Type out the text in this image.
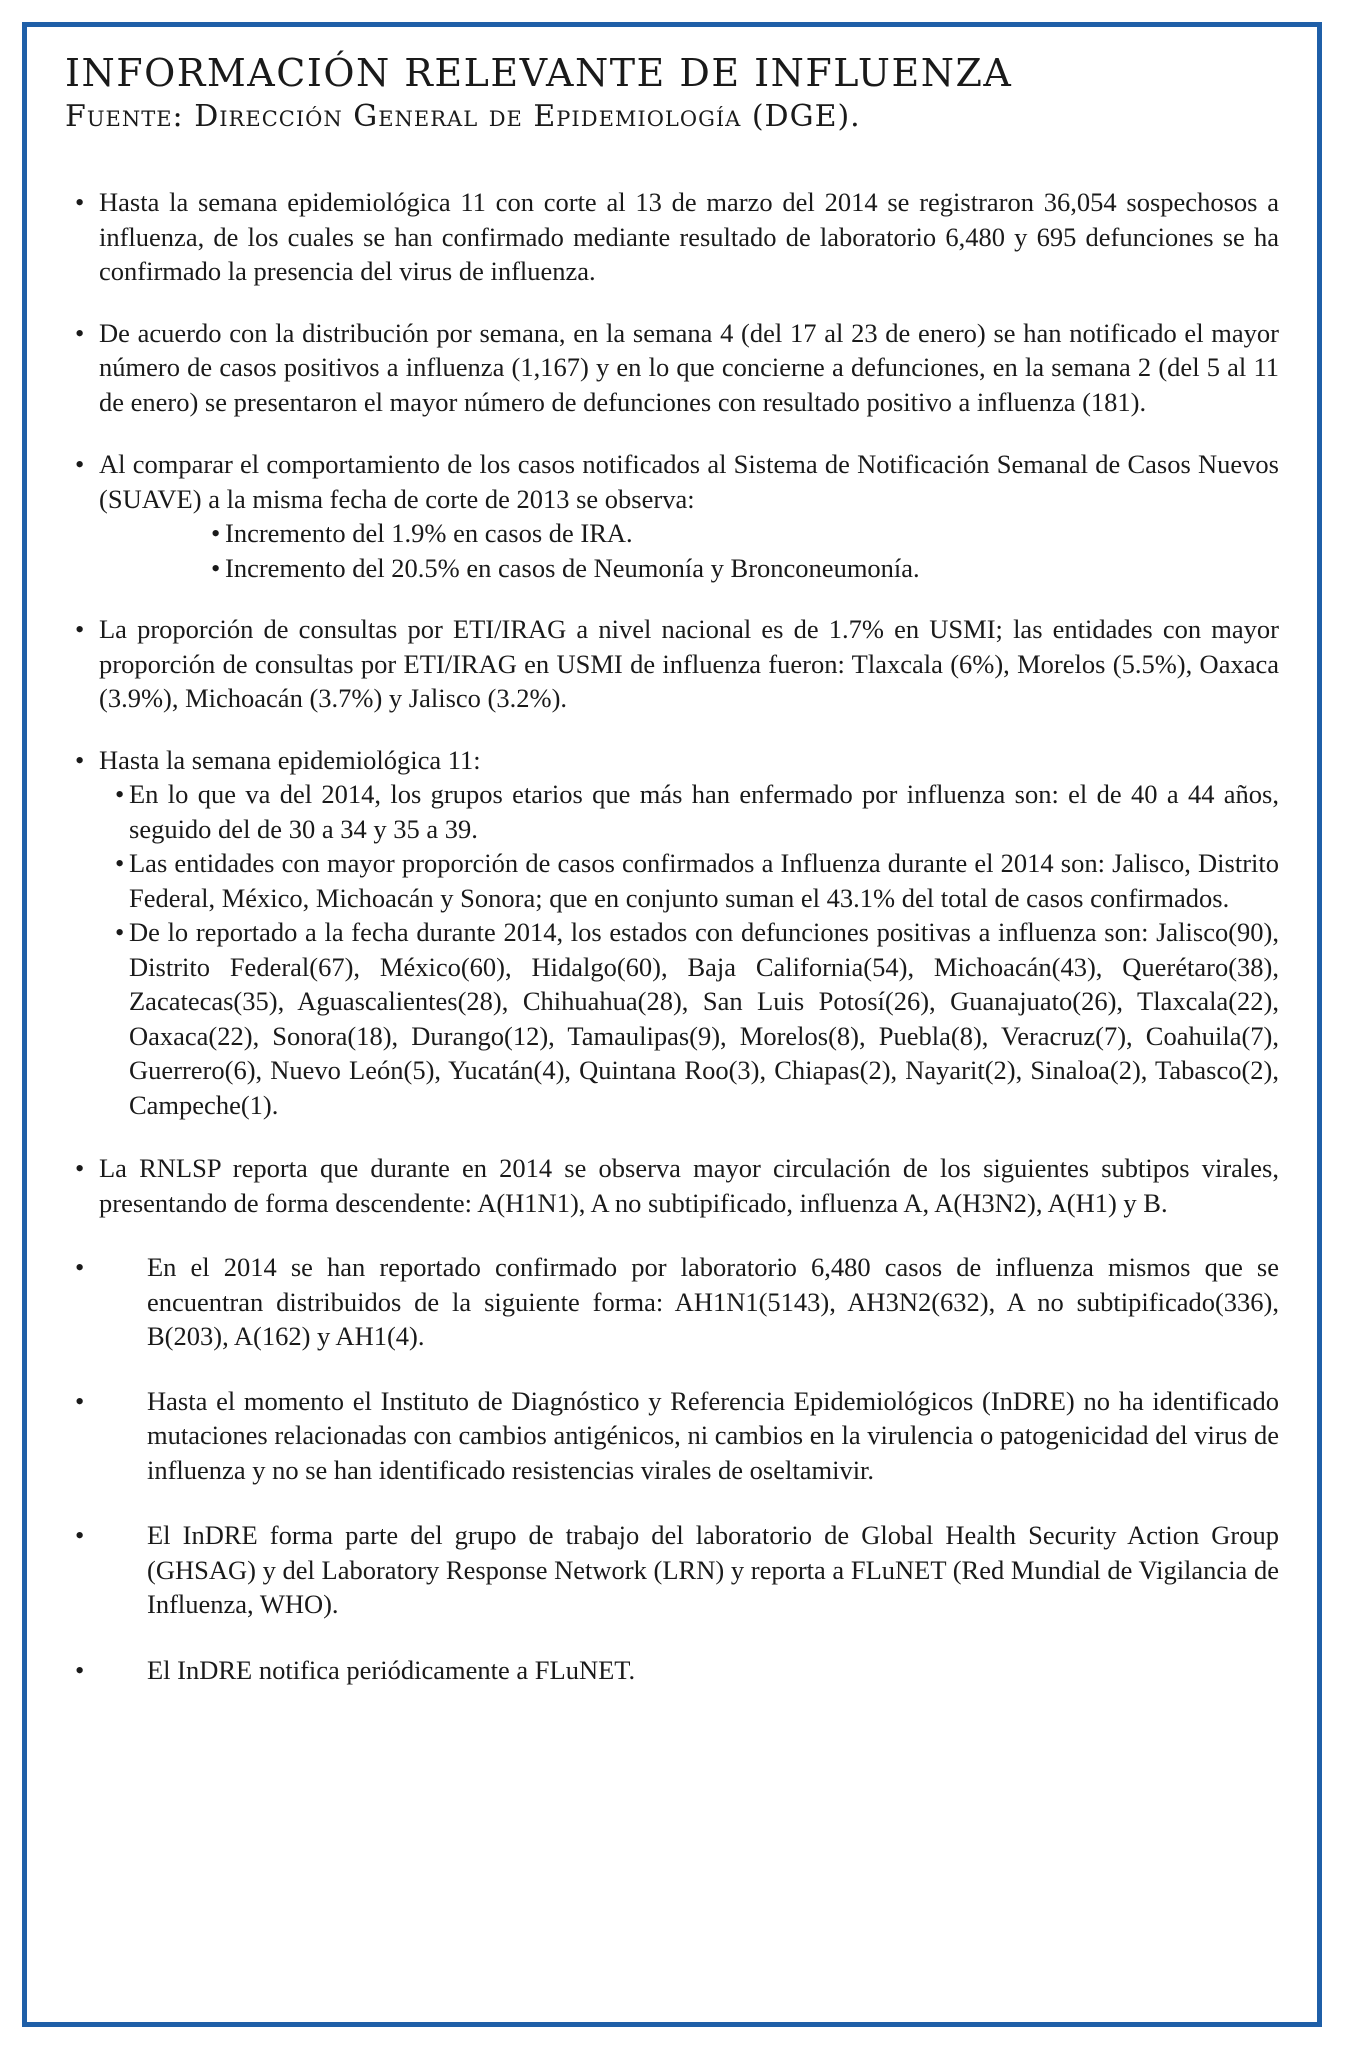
INFORMACIÓN RELEVANTE DE INFLUENZA
Fuente: Dirección General de Epidemiología (DGE).
• Hasta la semana epidemiológica 11 con corte al 13 de marzo del 2014 se registraron 36,054 sospechosos a influenza, de los cuales se han confirmado mediante resultado de laboratorio 6,480 y 695 defunciones se ha confirmado la presencia del virus de influenza.
• De acuerdo con la distribución por semana, en la semana 4 (del 17 al 23 de enero) se han notificado el mayor número de casos positivos a influenza (1,167) y en lo que concierne a defunciones, en la semana 2 (del 5 al 11 de enero) se presentaron el mayor número de defunciones con resultado positivo a influenza (181).
• Al comparar el comportamiento de los casos notificados al Sistema de Notificación Semanal de Casos Nuevos (SUAVE) a la misma fecha de corte de 2013 se observa:
• Incremento del 1.9% en casos de IRA.
• Incremento del 20.5% en casos de Neumonía y Bronconeumonía.
• La proporción de consultas por ETI/IRAG a nivel nacional es de 1.7% en USMI; las entidades con mayor proporción de consultas por ETI/IRAG en USMI de influenza fueron: Tlaxcala (6%), Morelos (5.5%), Oaxaca (3.9%), Michoacán (3.7%) y Jalisco (3.2%).
• Hasta la semana epidemiológica 11:
• En lo que va del 2014, los grupos etarios que más han enfermado por influenza son: el de 40 a 44 años, seguido del de 30 a 34 y 35 a 39.
• Las entidades con mayor proporción de casos confirmados a Influenza durante el 2014 son: Jalisco, Distrito Federal, México, Michoacán y Sonora; que en conjunto suman el 43.1% del total de casos confirmados.
• De lo reportado a la fecha durante 2014, los estados con defunciones positivas a influenza son: Jalisco(90), Distrito Federal(67), México(60), Hidalgo(60), Baja California(54), Michoacán(43), Querétaro(38), Zacatecas(35), Aguascalientes(28), Chihuahua(28), San Luis Potosí(26), Guanajuato(26), Tlaxcala(22), Oaxaca(22), Sonora(18), Durango(12), Tamaulipas(9), Morelos(8), Puebla(8), Veracruz(7), Coahuila(7), Guerrero(6), Nuevo León(5), Yucatán(4), Quintana Roo(3), Chiapas(2), Nayarit(2), Sinaloa(2), Tabasco(2), Campeche(1).
• La RNLSP reporta que durante en 2014 se observa mayor circulación de los siguientes subtipos virales, presentando de forma descendente: A(H1N1), A no subtipificado, influenza A, A(H3N2), A(H1) y B.
• En el 2014 se han reportado confirmado por laboratorio 6,480 casos de influenza mismos que se encuentran distribuidos de la siguiente forma: AH1N1(5143), AH3N2(632), A no subtipificado(336), B(203), A(162) y AH1(4).
• Hasta el momento el Instituto de Diagnóstico y Referencia Epidemiológicos (InDRE) no ha identificado mutaciones relacionadas con cambios antigénicos, ni cambios en la virulencia o patogenicidad del virus de influenza y no se han identificado resistencias virales de oseltamivir.
• El InDRE forma parte del grupo de trabajo del laboratorio de Global Health Security Action Group (GHSAG) y del Laboratory Response Network (LRN) y reporta a FLuNET (Red Mundial de Vigilancia de Influenza, WHO).
• El InDRE notifica periódicamente a FLuNET.
